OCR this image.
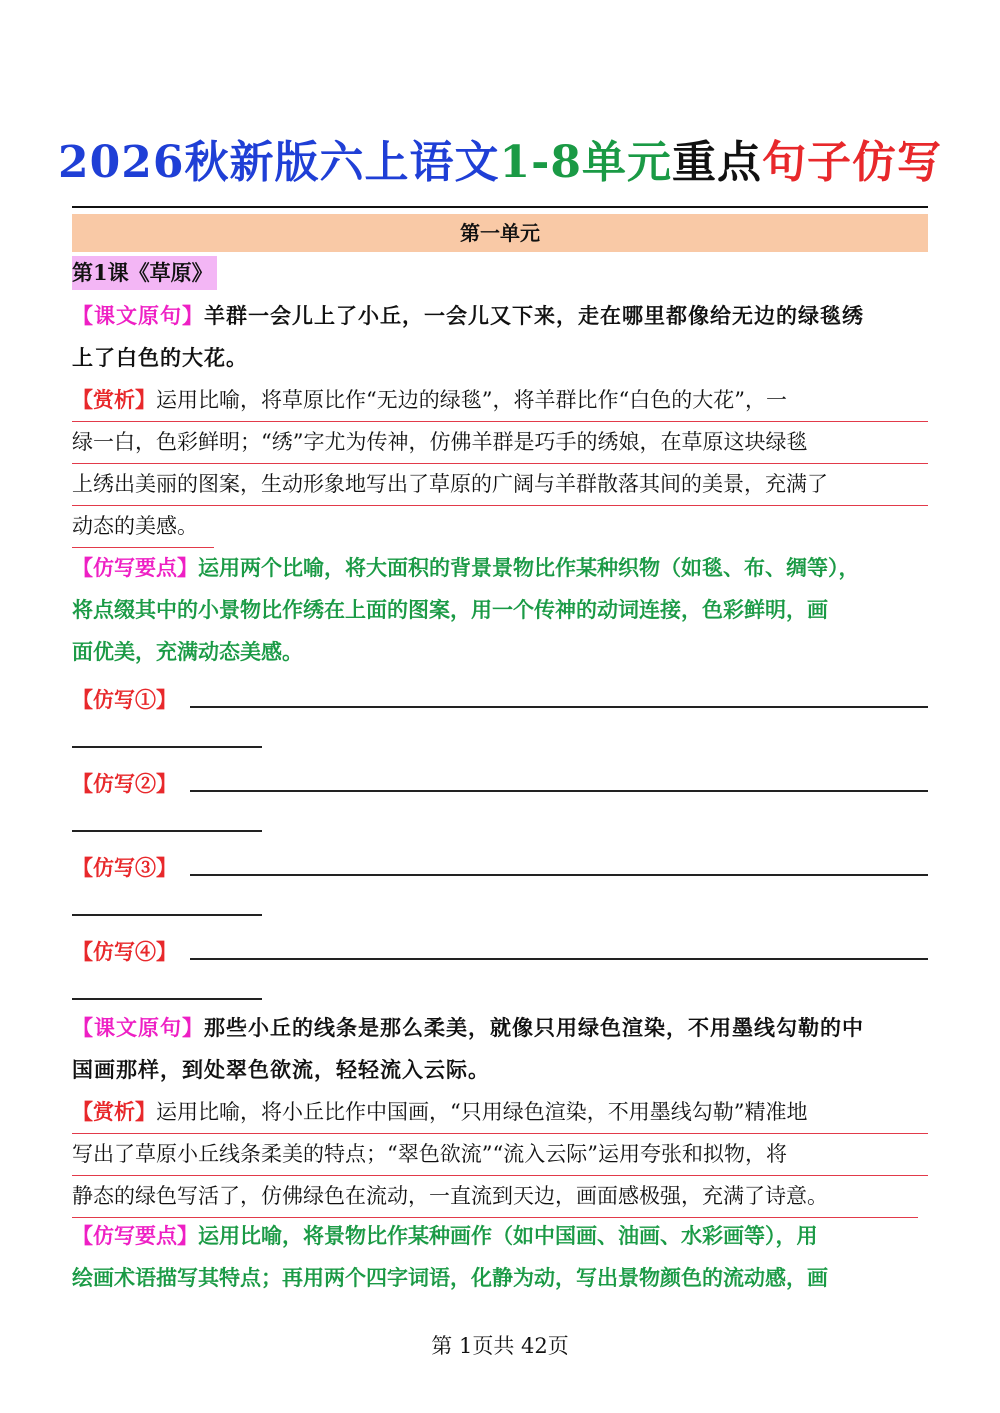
2026秋新版六上语文1-8单元重点句子仿写
第一单元
第1课《草原》
【课文原句】羊群一会儿上了小丘，一会儿又下来，走在哪里都像给无边的绿毯绣
上了白色的大花。
【赏析】运用比喻，将草原比作“无边的绿毯”，将羊群比作“白色的大花”，一
绿一白，色彩鲜明；“绣”字尤为传神，仿佛羊群是巧手的绣娘，在草原这块绿毯
上绣出美丽的图案，生动形象地写出了草原的广阔与羊群散落其间的美景，充满了
动态的美感。
【仿写要点】运用两个比喻，将大面积的背景景物比作某种织物（如毯、布、绸等），
将点缀其中的小景物比作绣在上面的图案，用一个传神的动词连接，色彩鲜明，画
面优美，充满动态美感。
【仿写①】
【仿写②】
【仿写③】
【仿写④】
【课文原句】那些小丘的线条是那么柔美，就像只用绿色渲染，不用墨线勾勒的中
国画那样，到处翠色欲流，轻轻流入云际。
【赏析】运用比喻，将小丘比作中国画，“只用绿色渲染，不用墨线勾勒”精准地
写出了草原小丘线条柔美的特点；“翠色欲流”“流入云际”运用夸张和拟物，将
静态的绿色写活了，仿佛绿色在流动，一直流到天边，画面感极强，充满了诗意。
【仿写要点】运用比喻，将景物比作某种画作（如中国画、油画、水彩画等），用
绘画术语描写其特点；再用两个四字词语，化静为动，写出景物颜色的流动感，画
第 1页共 42页
